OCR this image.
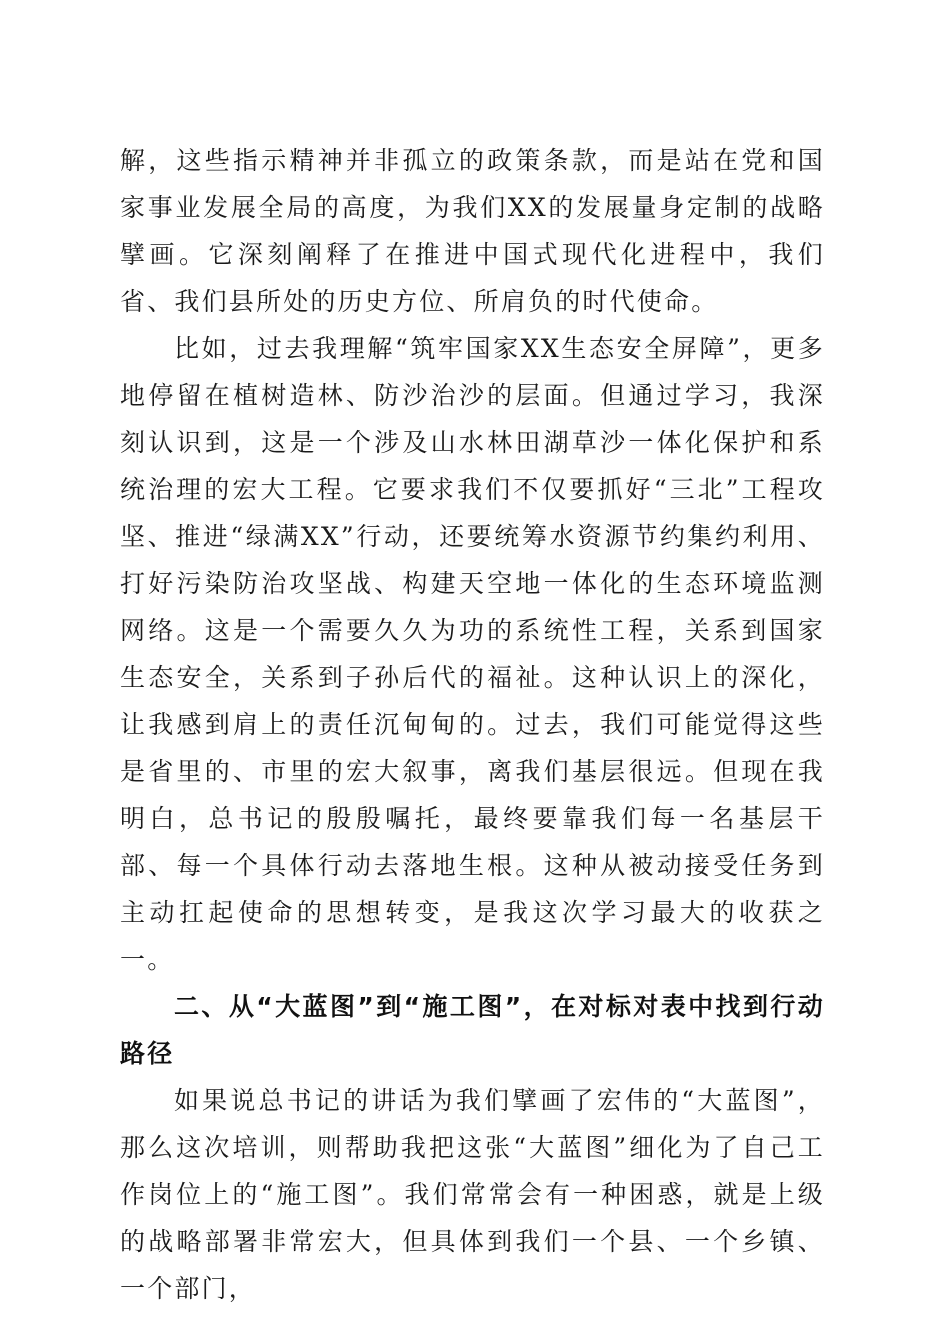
解，这些指示精神并非孤立的政策条款，而是站在党和国家事业发展全局的高度，为我们XX的发展量身定制的战略擘画。它深刻阐释了在推进中国式现代化进程中，我们省、我们县所处的历史方位、所肩负的时代使命。

比如，过去我理解“筑牢国家XX生态安全屏障”，更多地停留在植树造林、防沙治沙的层面。但通过学习，我深刻认识到，这是一个涉及山水林田湖草沙一体化保护和系统治理的宏大工程。它要求我们不仅要抓好“三北”工程攻坚、推进“绿满XX”行动，还要统筹水资源节约集约利用、打好污染防治攻坚战、构建天空地一体化的生态环境监测网络。这是一个需要久久为功的系统性工程，关系到国家生态安全，关系到子孙后代的福祉。这种认识上的深化，让我感到肩上的责任沉甸甸的。过去，我们可能觉得这些是省里的、市里的宏大叙事，离我们基层很远。但现在我明白，总书记的殷殷嘱托，最终要靠我们每一名基层干部、每一个具体行动去落地生根。这种从被动接受任务到主动扛起使命的思想转变，是我这次学习最大的收获之一。

二、从“大蓝图”到“施工图”，在对标对表中找到行动路径

如果说总书记的讲话为我们擘画了宏伟的“大蓝图”，那么这次培训，则帮助我把这张“大蓝图”细化为了自己工作岗位上的“施工图”。我们常常会有一种困惑，就是上级的战略部署非常宏大，但具体到我们一个县、一个乡镇、一个部门，
